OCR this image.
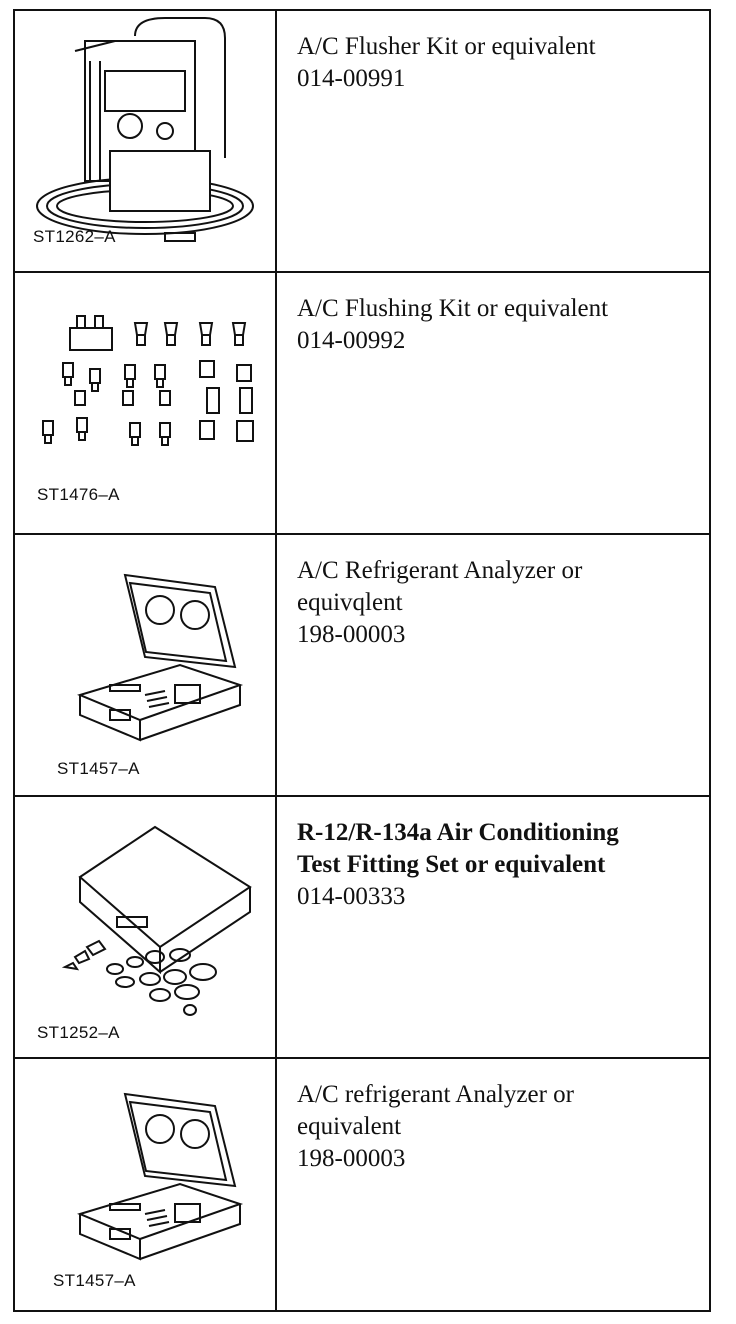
ST1262–A
A/C Flusher Kit or equivalent
014-00991
ST1476–A
A/C Flushing Kit or equivalent
014-00992
ST1457–A
A/C Refrigerant Analyzer or
equivqlent
198-00003
ST1252–A
R-12/R-134a Air Conditioning
Test Fitting Set or equivalent
014-00333
ST1457–A
A/C refrigerant Analyzer or
equivalent
198-00003
